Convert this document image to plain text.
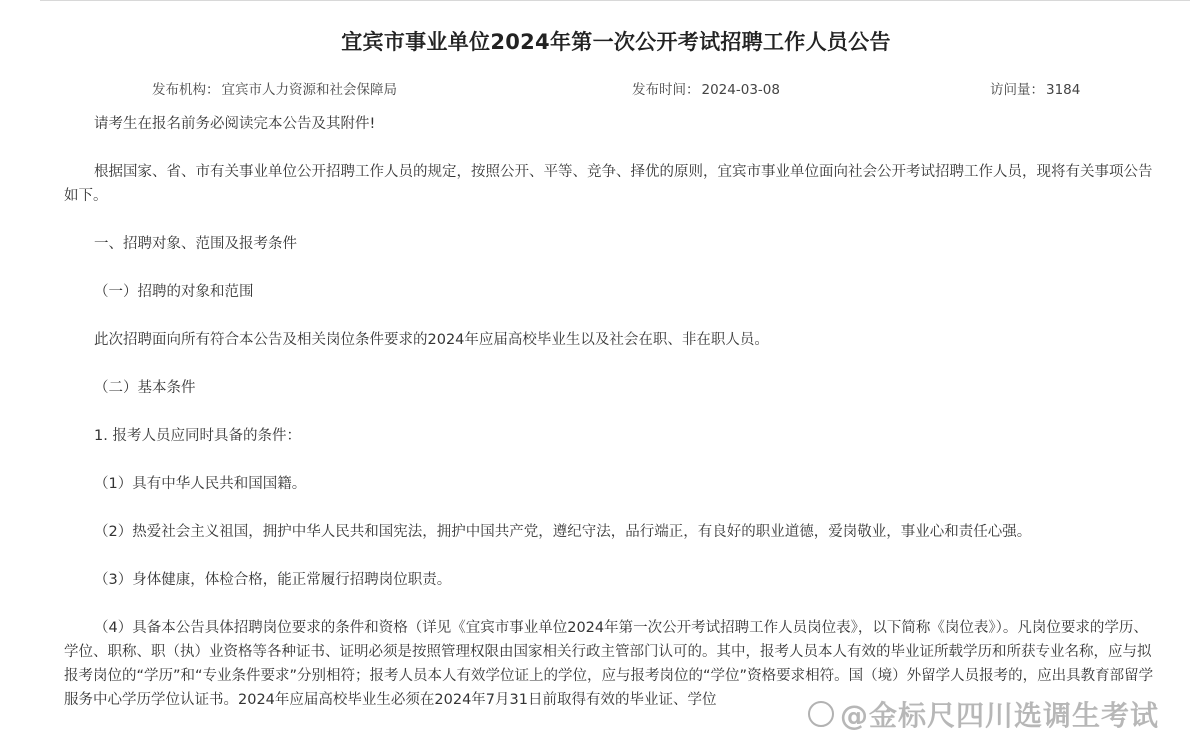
宜宾市事业单位2024年第一次公开考试招聘工作人员公告
发布机构： 宜宾市人力资源和社会保障局	发布时间： 2024-03-08	访问量： 3184

请考生在报名前务必阅读完本公告及其附件!

根据国家、省、市有关事业单位公开招聘工作人员的规定，按照公开、平等、竞争、择优的原则，宜宾市事业单位面向社会公开考试招聘工作人员，现将有关事项公告如下。

一、招聘对象、范围及报考条件

（一）招聘的对象和范围

此次招聘面向所有符合本公告及相关岗位条件要求的2024年应届高校毕业生以及社会在职、非在职人员。

（二）基本条件

1. 报考人员应同时具备的条件：

（1）具有中华人民共和国国籍。

（2）热爱社会主义祖国，拥护中华人民共和国宪法，拥护中国共产党，遵纪守法，品行端正，有良好的职业道德，爱岗敬业，事业心和责任心强。

（3）身体健康，体检合格，能正常履行招聘岗位职责。

（4）具备本公告具体招聘岗位要求的条件和资格（详见《宜宾市事业单位2024年第一次公开考试招聘工作人员岗位表》，以下简称《岗位表》）。凡岗位要求的学历、学位、职称、职（执）业资格等各种证书、证明必须是按照管理权限由国家相关行政主管部门认可的。其中，报考人员本人有效的毕业证所载学历和所获专业名称，应与拟报考岗位的“学历”和“专业条件要求”分别相符；报考人员本人有效学位证上的学位，应与报考岗位的“学位”资格要求相符。国（境）外留学人员报考的，应出具教育部留学服务中心学历学位认证书。2024年应届高校毕业生必须在2024年7月31日前取得有效的毕业证、学位	@金标尺四川选调生考试
